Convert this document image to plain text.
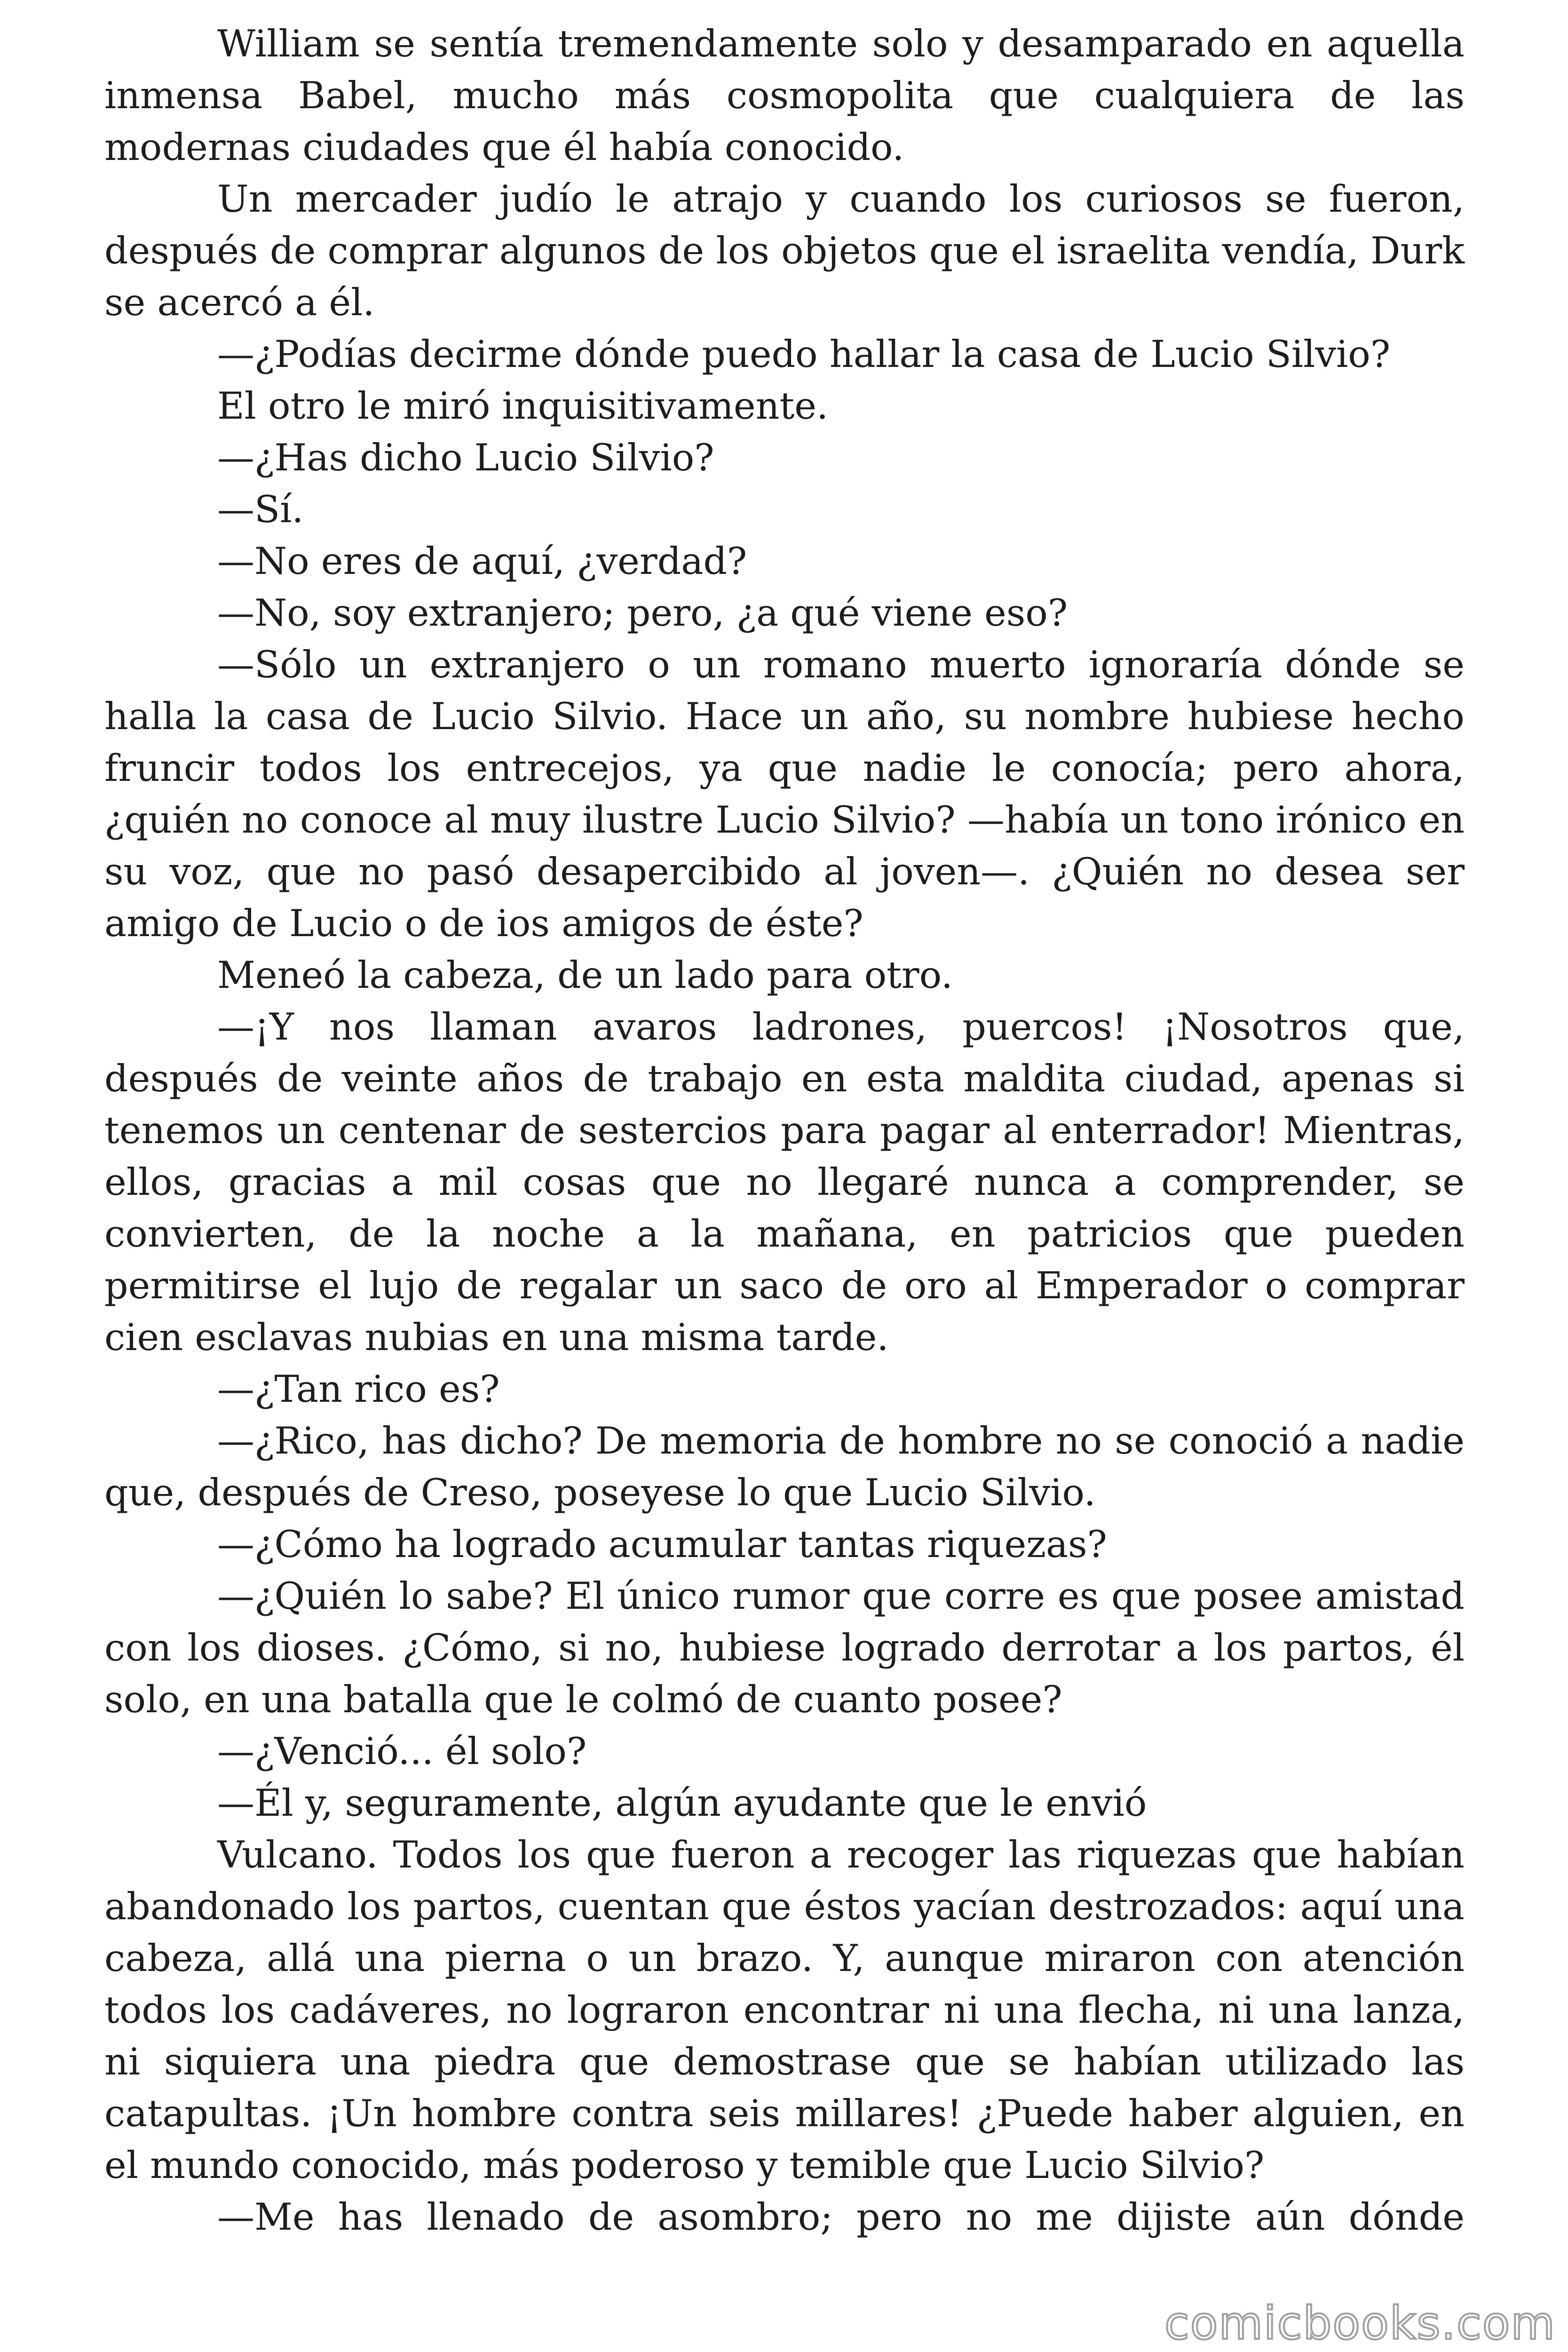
William se sentía tremendamente solo y desamparado en aquella inmensa Babel, mucho más cosmopolita que cualquiera de las modernas ciudades que él había conocido.

Un mercader judío le atrajo y cuando los curiosos se fueron, después de comprar algunos de los objetos que el israelita vendía, Durk se acercó a él.

—¿Podías decirme dónde puedo hallar la casa de Lucio Silvio?

El otro le miró inquisitivamente.

—¿Has dicho Lucio Silvio?

—Sí.

—No eres de aquí, ¿verdad?

—No, soy extranjero; pero, ¿a qué viene eso?

—Sólo un extranjero o un romano muerto ignoraría dónde se halla la casa de Lucio Silvio. Hace un año, su nombre hubiese hecho fruncir todos los entrecejos, ya que nadie le conocía; pero ahora, ¿quién no conoce al muy ilustre Lucio Silvio? —había un tono irónico en su voz, que no pasó desapercibido al joven—. ¿Quién no desea ser amigo de Lucio o de ios amigos de éste?

Meneó la cabeza, de un lado para otro.

—¡Y nos llaman avaros ladrones, puercos! ¡Nosotros que, después de veinte años de trabajo en esta maldita ciudad, apenas si tenemos un centenar de sestercios para pagar al enterrador! Mientras, ellos, gracias a mil cosas que no llegaré nunca a comprender, se convierten, de la noche a la mañana, en patricios que pueden permitirse el lujo de regalar un saco de oro al Emperador o comprar cien esclavas nubias en una misma tarde.

—¿Tan rico es?

—¿Rico, has dicho? De memoria de hombre no se conoció a nadie que, después de Creso, poseyese lo que Lucio Silvio.

—¿Cómo ha logrado acumular tantas riquezas?

—¿Quién lo sabe? El único rumor que corre es que posee amistad con los dioses. ¿Cómo, si no, hubiese logrado derrotar a los partos, él solo, en una batalla que le colmó de cuanto posee?

—¿Venció... él solo?

—Él y, seguramente, algún ayudante que le envió

Vulcano. Todos los que fueron a recoger las riquezas que habían abandonado los partos, cuentan que éstos yacían destrozados: aquí una cabeza, allá una pierna o un brazo. Y, aunque miraron con atención todos los cadáveres, no lograron encontrar ni una flecha, ni una lanza, ni siquiera una piedra que demostrase que se habían utilizado las catapultas. ¡Un hombre contra seis millares! ¿Puede haber alguien, en el mundo conocido, más poderoso y temible que Lucio Silvio?

—Me has llenado de asombro; pero no me dijiste aún dónde

comicbooks.com
